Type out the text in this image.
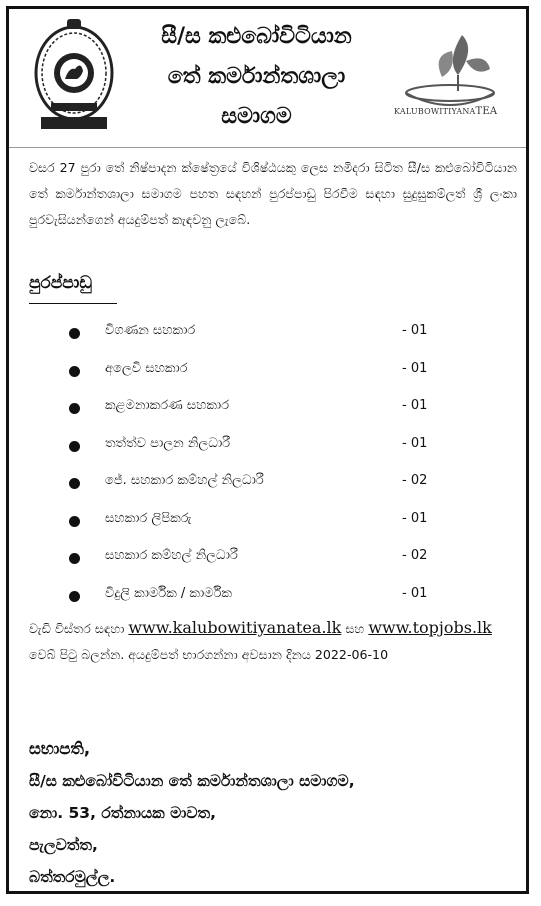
සී/ස කළුබෝවිටියාන
තේ කර්මාන්තශාලා
සමාගම	KALUBOWITIYANATEA
වසර 27 පුරා තේ නිෂ්පාදන ක්ෂේත්‍රයේ විශිෂ්ඨයකු ලෙස නමිදරා සිටිත සී/ස කළුබෝවිටියාන තේ කර්මාන්තශාලා සමාගම පහත සඳහන් පුරප්පාඩු පිරවීම සඳහා සුදුසුකම්ලත් ශ්‍රී ලංකා පුරවැසියන්ගෙන් අයදුම්පත් කැඳවනු ලැබේ.
පුරප්පාඩු
විගණන සහකාර	- 01
අලෙවි සහකාර	- 01
කළමනාකරණ සහකාර	- 01
තත්ත්ව පාලන නිලධාරී	- 01
ජේ. සහකාර කම්හල් නිලධාරී	- 02
සහකාර ලිපිකරු	- 01
සහකාර කම්හල් නිලධාරී	- 02
විදුලි කාර්මික / කාර්මික	- 01
වැඩි විස්තර සඳහා www.kalubowitiyanatea.lk සහ www.topjobs.lk වෙබ් පිටු බලන්න. අයදුම්පත් භාරගන්නා අවසාන දිනය 2022-06-10
සභාපති,
සී/ස කළුබෝවිටියාන තේ කර්මාන්තශාලා සමාගම,
නො. 53, රත්නායක මාවත,
පැලවත්ත,
බත්තරමුල්ල.
